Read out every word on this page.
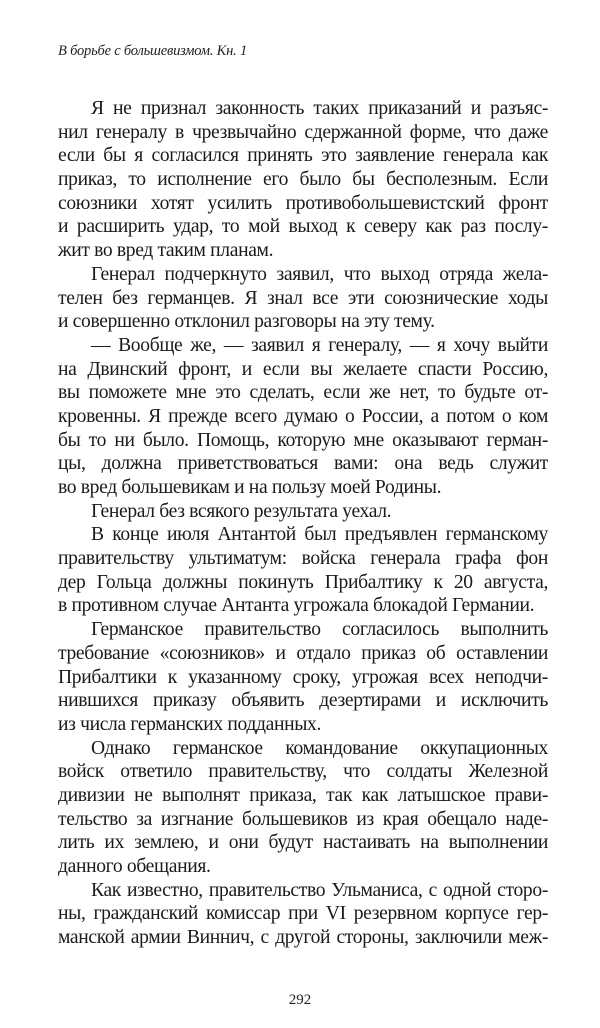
В борьбе с большевизмом. Кн. 1
Я не признал законность таких приказаний и разъяс-
нил генералу в чрезвычайно сдержанной форме, что даже
если бы я согласился принять это заявление генерала как
приказ, то исполнение его было бы бесполезным. Если
союзники хотят усилить противобольшевистский фронт
и расширить удар, то мой выход к северу как раз послу-
жит во вред таким планам.
Генерал подчеркнуто заявил, что выход отряда жела-
телен без германцев. Я знал все эти союзнические ходы
и совершенно отклонил разговоры на эту тему.
— Вообще же, — заявил я генералу, — я хочу выйти
на Двинский фронт, и если вы желаете спасти Россию,
вы поможете мне это сделать, если же нет, то будьте от-
кровенны. Я прежде всего думаю о России, а потом о ком
бы то ни было. Помощь, которую мне оказывают герман-
цы, должна приветствоваться вами: она ведь служит
во вред большевикам и на пользу моей Родины.
Генерал без всякого результата уехал.
В конце июля Антантой был предъявлен германскому
правительству ультиматум: войска генерала графа фон
дер Гольца должны покинуть Прибалтику к 20 августа,
в противном случае Антанта угрожала блокадой Германии.
Германское правительство согласилось выполнить
требование «союзников» и отдало приказ об оставлении
Прибалтики к указанному сроку, угрожая всех неподчи-
нившихся приказу объявить дезертирами и исключить
из числа германских подданных.
Однако германское командование оккупационных
войск ответило правительству, что солдаты Железной
дивизии не выполнят приказа, так как латышское прави-
тельство за изгнание большевиков из края обещало наде-
лить их землею, и они будут настаивать на выполнении
данного обещания.
Как известно, правительство Ульманиса, с одной сторо-
ны, гражданский комиссар при VI резервном корпусе гер-
манской армии Виннич, с другой стороны, заключили меж-
292
